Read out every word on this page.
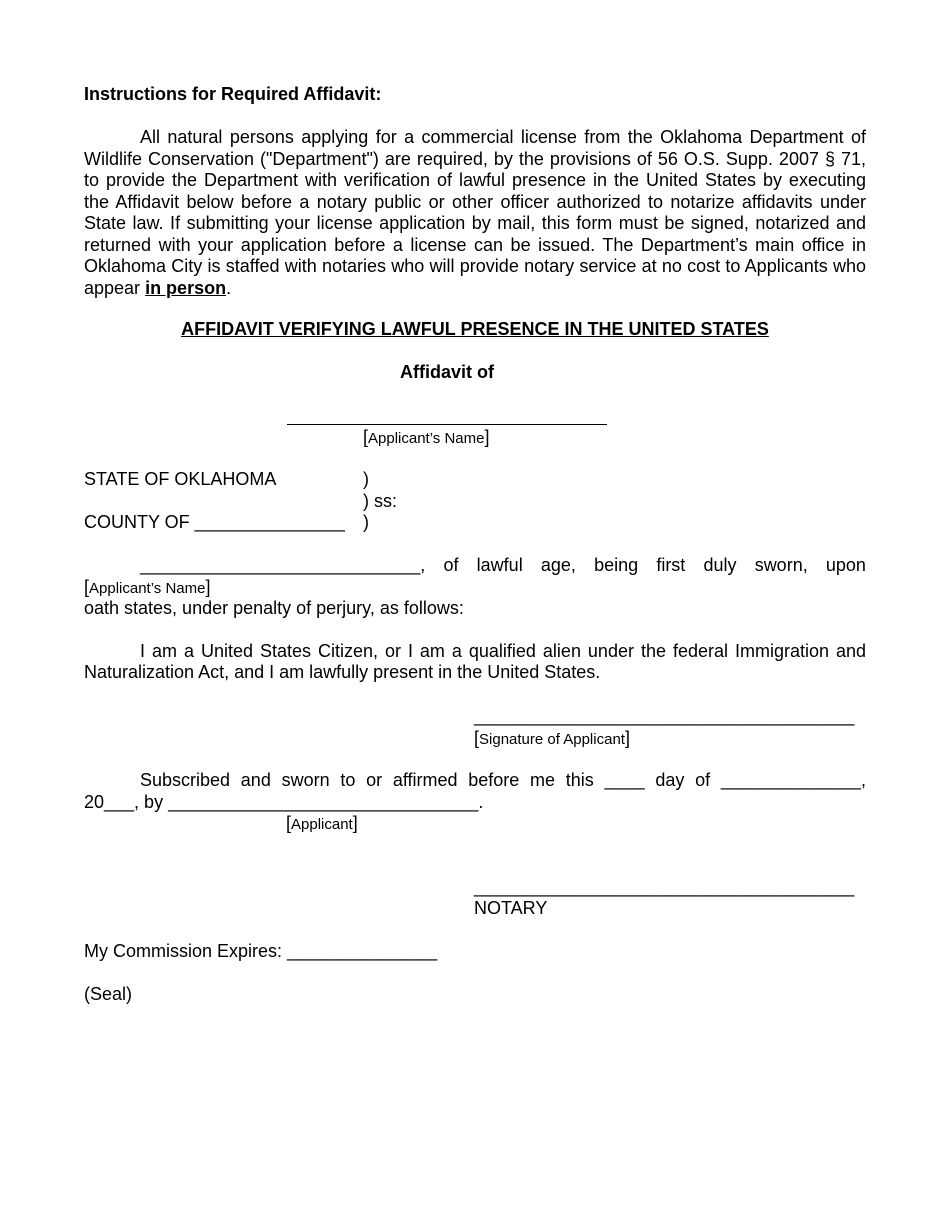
Instructions for Required Affidavit:
All natural persons applying for a commercial license from the Oklahoma Department of Wildlife Conservation ("Department") are required, by the provisions of 56 O.S. Supp. 2007 § 71, to provide the Department with verification of lawful presence in the United States by executing the Affidavit below before a notary public or other officer authorized to notarize affidavits under State law. If submitting your license application by mail, this form must be signed, notarized and returned with your application before a license can be issued. The Department’s main office in Oklahoma City is staffed with notaries who will provide notary service at no cost to Applicants who appear in person.
AFFIDAVIT VERIFYING LAWFUL PRESENCE IN THE UNITED STATES
Affidavit of
[Applicant’s Name]
STATE OF OKLAHOMA	)
) ss:
COUNTY OF _______________ )
____________________________, of lawful age, being first duly sworn, upon
[Applicant’s Name]
oath states, under penalty of perjury, as follows:
I am a United States Citizen, or I am a qualified alien under the federal Immigration and
Naturalization Act, and I am lawfully present in the United States.
______________________________________
[Signature of Applicant]
Subscribed and sworn to or affirmed before me this ____ day of ______________,
20___, by _______________________________.
[Applicant]
______________________________________
NOTARY
My Commission Expires: _______________
(Seal)
